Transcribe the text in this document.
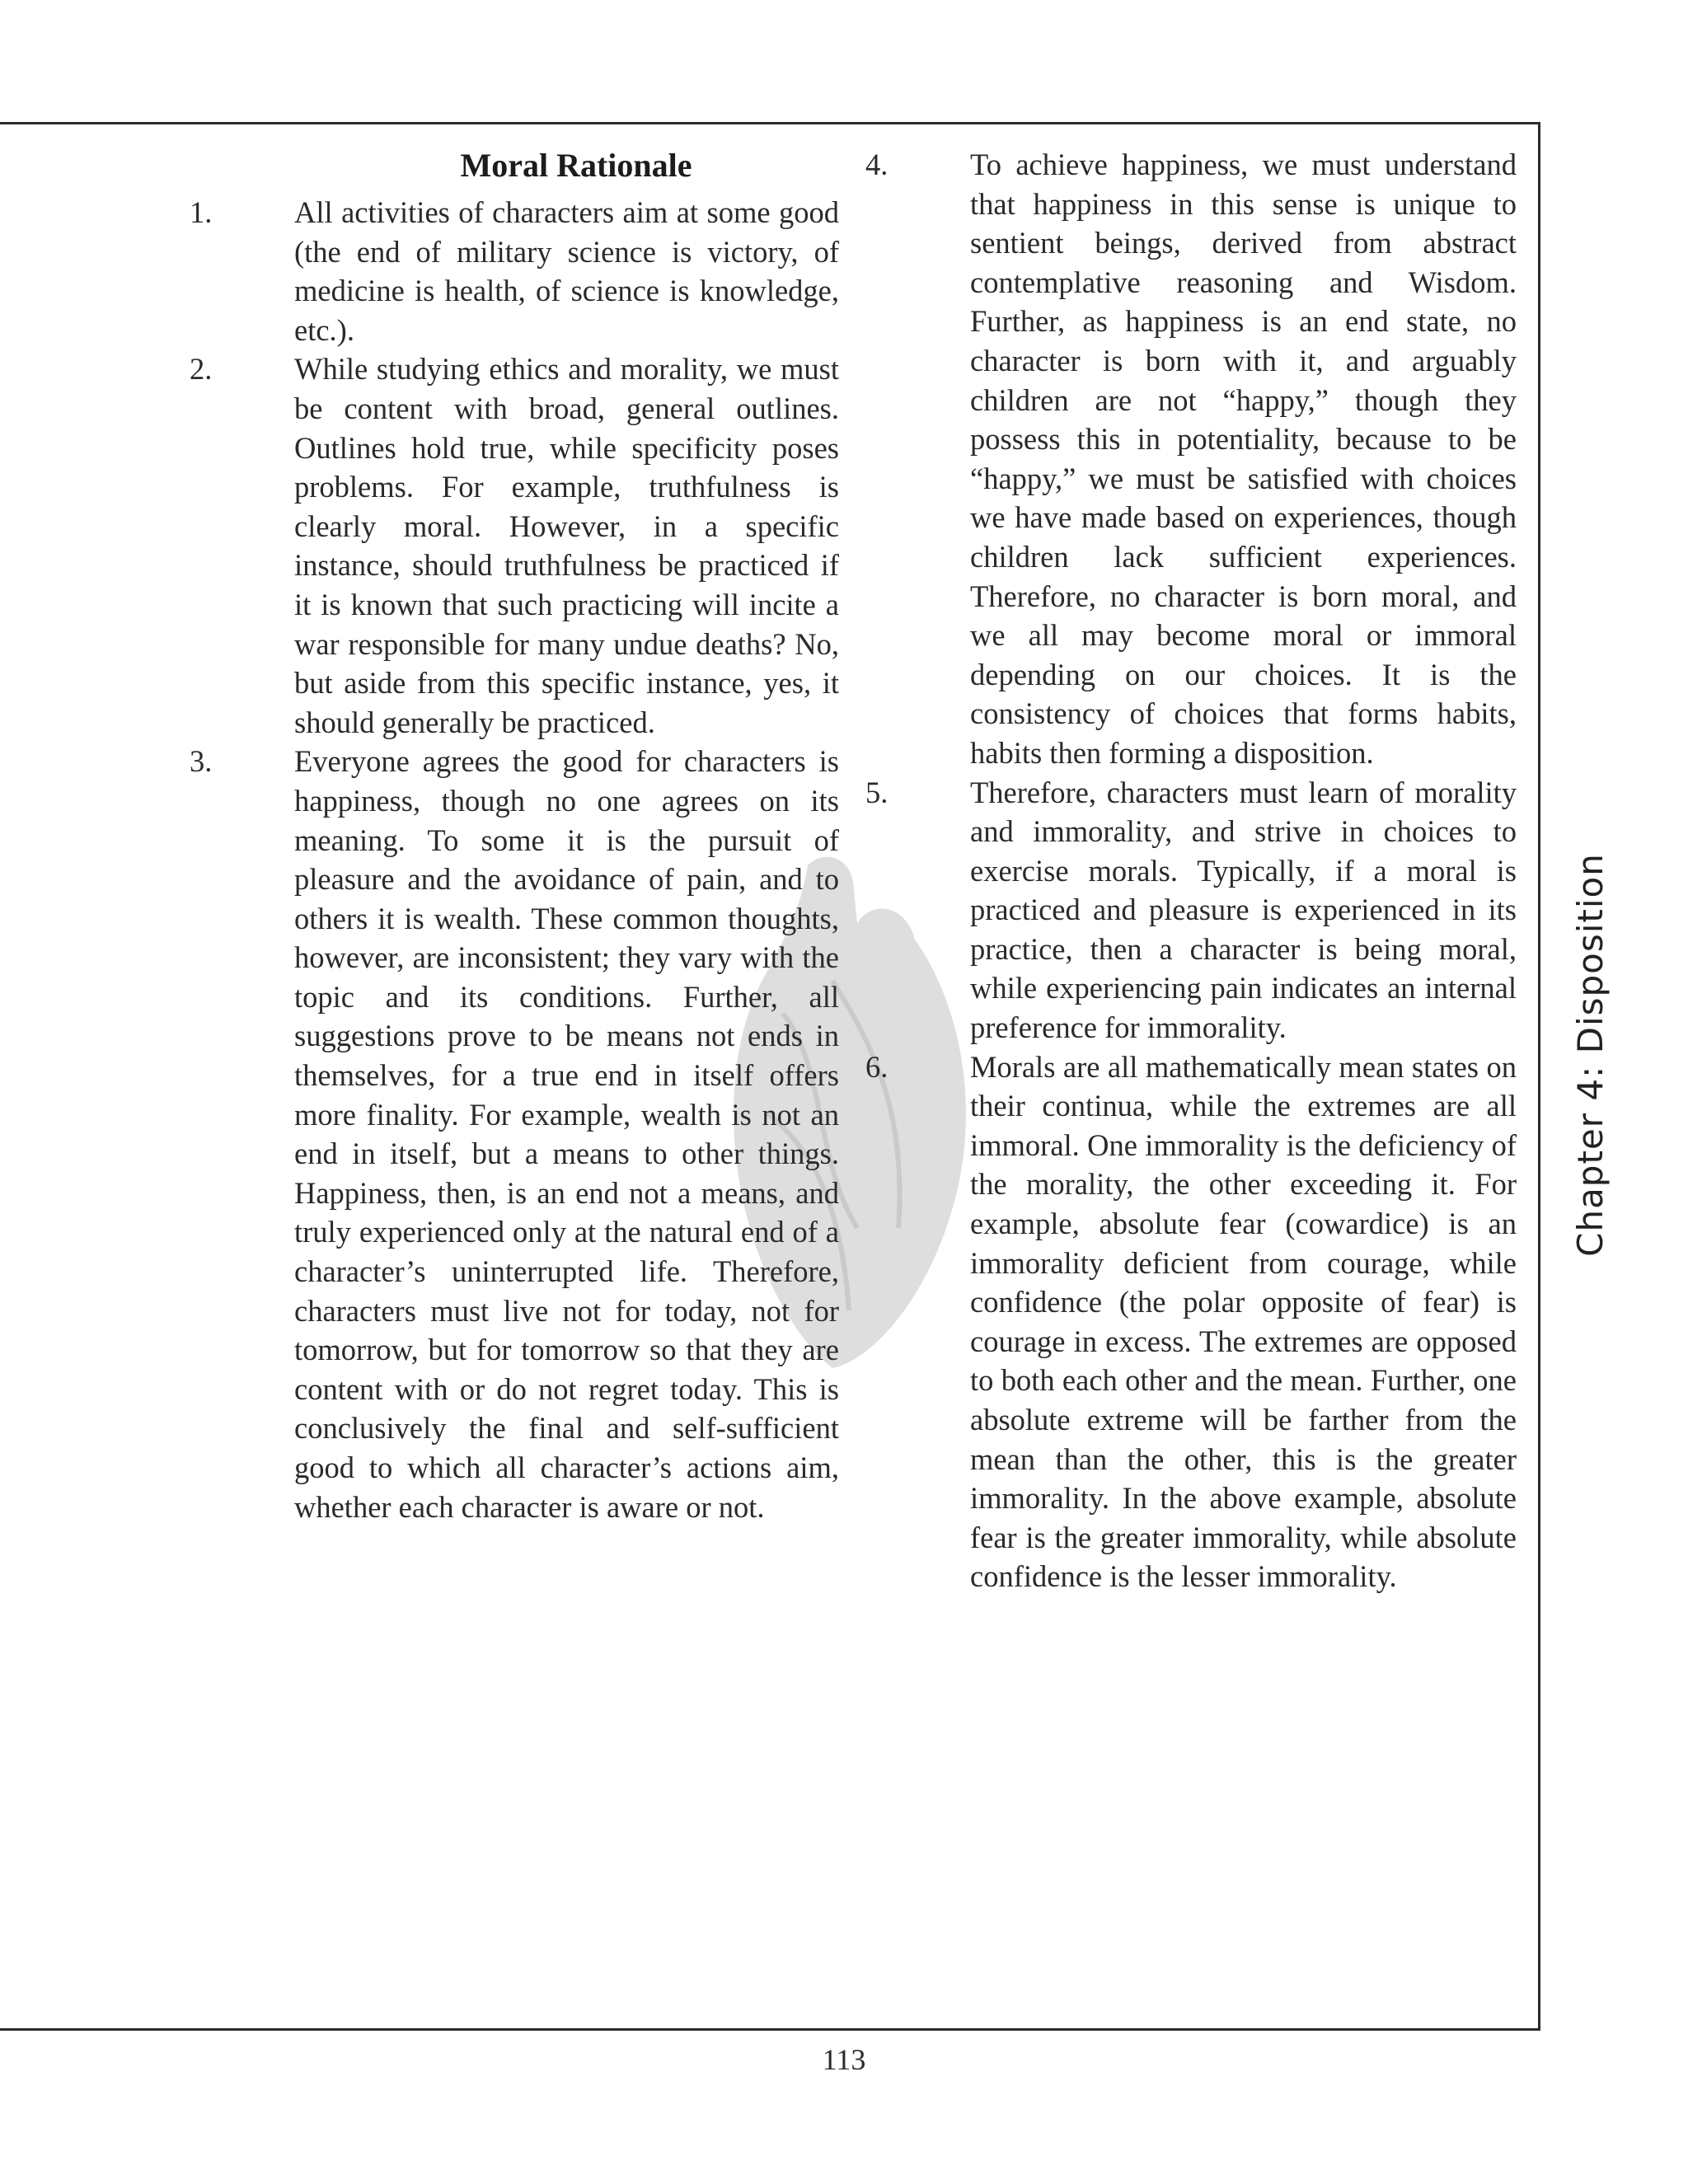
Moral Rationale
1.	All activities of characters aim at some good (the end of military science is victory, of medicine is health, of science is knowledge, etc.).
2.	While studying ethics and morality, we must be content with broad, general outlines. Outlines hold true, while specificity poses problems. For example, truthfulness is clearly moral. However, in a specific instance, should truthfulness be practiced if it is known that such practicing will incite a war responsible for many undue deaths? No, but aside from this specific instance, yes, it should generally be practiced.
3.	Everyone agrees the good for characters is happiness, though no one agrees on its meaning. To some it is the pursuit of pleasure and the avoidance of pain, and to others it is wealth. These common thoughts, however, are inconsistent; they vary with the topic and its conditions. Further, all suggestions prove to be means not ends in themselves, for a true end in itself offers more finality. For example, wealth is not an end in itself, but a means to other things. Happiness, then, is an end not a means, and truly experienced only at the natural end of a character’s uninterrupted life. Therefore, characters must live not for today, not for tomorrow, but for tomorrow so that they are content with or do not regret today. This is conclusively the final and self-sufficient good to which all character’s actions aim, whether each character is aware or not.
4.	To achieve happiness, we must understand that happiness in this sense is unique to sentient beings, derived from abstract contemplative reasoning and Wisdom. Further, as happiness is an end state, no character is born with it, and arguably children are not “happy,” though they possess this in potentiality, because to be “happy,” we must be satisfied with choices we have made based on experiences, though children lack sufficient experiences. Therefore, no character is born moral, and we all may become moral or immoral depending on our choices. It is the consistency of choices that forms habits, habits then forming a disposition.
5.	Therefore, characters must learn of morality and immorality, and strive in choices to exercise morals. Typically, if a moral is practiced and pleasure is experienced in its practice, then a character is being moral, while experiencing pain indicates an internal preference for immorality.
6.	Morals are all mathematically mean states on their continua, while the extremes are all immoral. One immorality is the deficiency of the morality, the other exceeding it. For example, absolute fear (cowardice) is an immorality deficient from courage, while confidence (the polar opposite of fear) is courage in excess. The extremes are opposed to both each other and the mean. Further, one absolute extreme will be farther from the mean than the other, this is the greater immorality. In the above example, absolute fear is the greater immorality, while absolute confidence is the lesser immorality.
Chapter 4: Disposition
113
